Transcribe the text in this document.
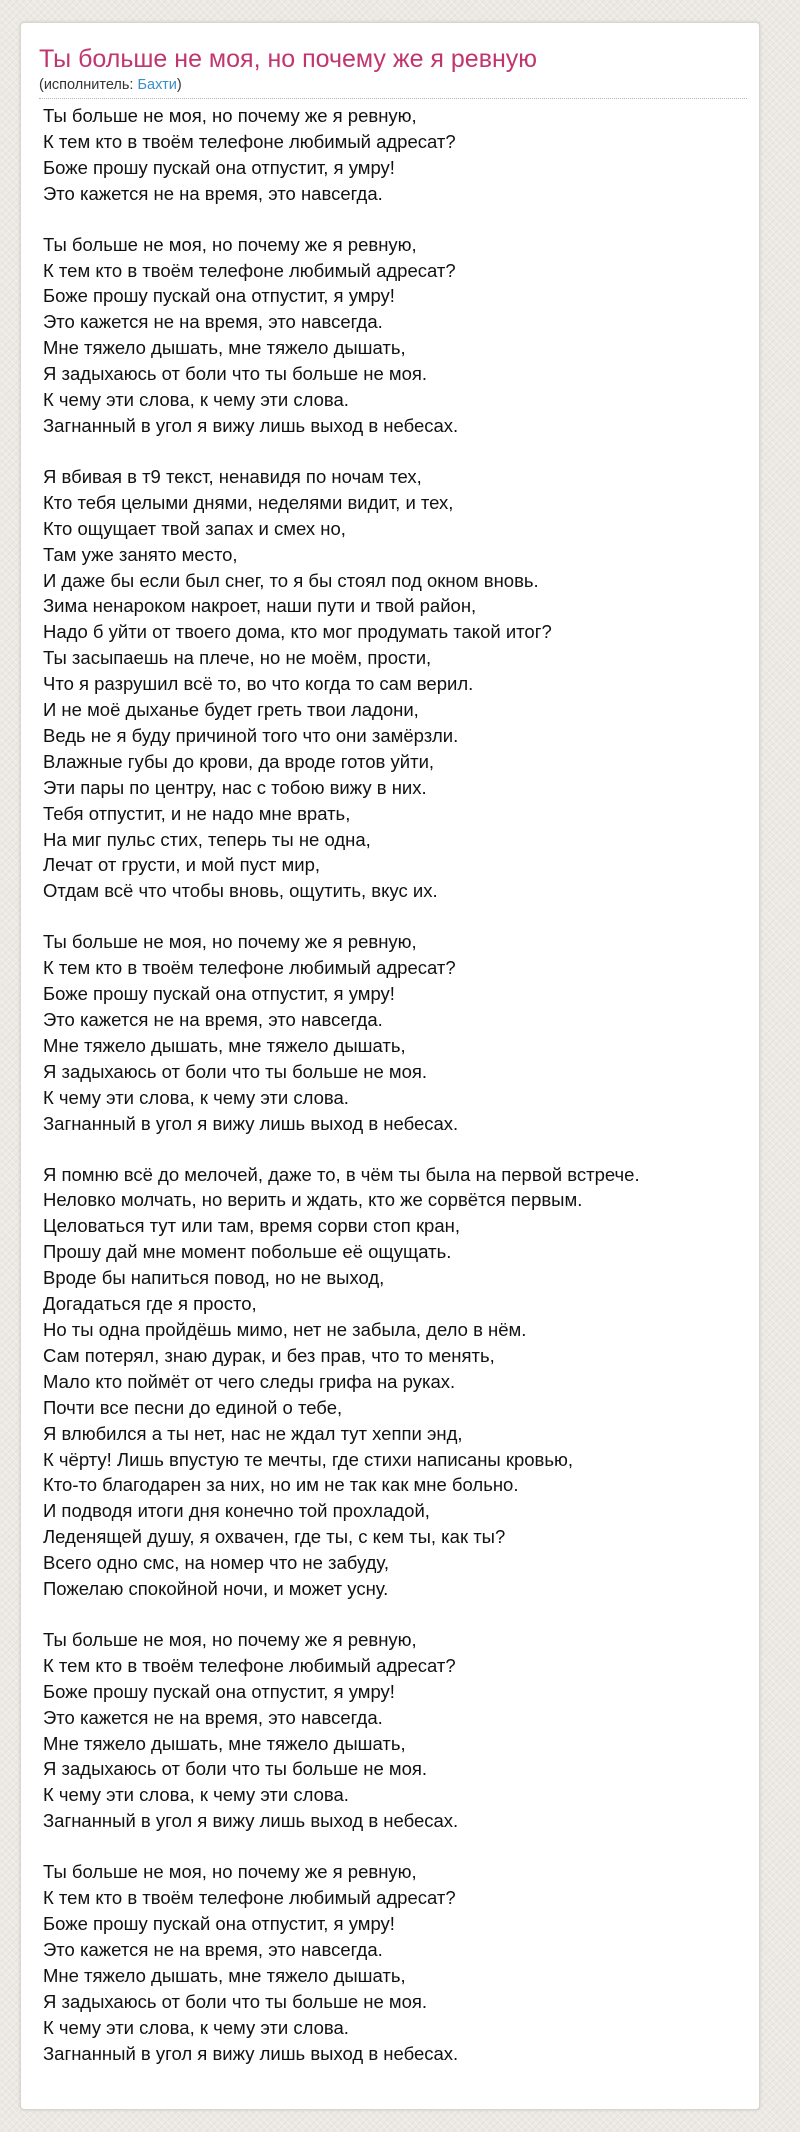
Ты больше не моя, но почему же я ревную
(исполнитель: Бахти)
Ты больше не моя, но почему же я ревную,
К тем кто в твоём телефоне любимый адресат?
Боже прошу пускай она отпустит, я умру!
Это кажется не на время, это навсегда.
Ты больше не моя, но почему же я ревную,
К тем кто в твоём телефоне любимый адресат?
Боже прошу пускай она отпустит, я умру!
Это кажется не на время, это навсегда.
Мне тяжело дышать, мне тяжело дышать,
Я задыхаюсь от боли что ты больше не моя.
К чему эти слова, к чему эти слова.
Загнанный в угол я вижу лишь выход в небесах.
Я вбивая в т9 текст, ненавидя по ночам тех,
Кто тебя целыми днями, неделями видит, и тех,
Кто ощущает твой запах и смех но,
Там уже занято место,
И даже бы если был снег, то я бы стоял под окном вновь.
Зима ненароком накроет, наши пути и твой район,
Надо б уйти от твоего дома, кто мог продумать такой итог?
Ты засыпаешь на плече, но не моём, прости,
Что я разрушил всё то, во что когда то сам верил.
И не моё дыханье будет греть твои ладони,
Ведь не я буду причиной того что они замёрзли.
Влажные губы до крови, да вроде готов уйти,
Эти пары по центру, нас с тобою вижу в них.
Тебя отпустит, и не надо мне врать,
На миг пульс стих, теперь ты не одна,
Лечат от грусти, и мой пуст мир,
Отдам всё что чтобы вновь, ощутить, вкус их.
Ты больше не моя, но почему же я ревную,
К тем кто в твоём телефоне любимый адресат?
Боже прошу пускай она отпустит, я умру!
Это кажется не на время, это навсегда.
Мне тяжело дышать, мне тяжело дышать,
Я задыхаюсь от боли что ты больше не моя.
К чему эти слова, к чему эти слова.
Загнанный в угол я вижу лишь выход в небесах.
Я помню всё до мелочей, даже то, в чём ты была на первой встрече.
Неловко молчать, но верить и ждать, кто же сорвётся первым.
Целоваться тут или там, время сорви стоп кран,
Прошу дай мне момент побольше её ощущать.
Вроде бы напиться повод, но не выход,
Догадаться где я просто,
Но ты одна пройдёшь мимо, нет не забыла, дело в нём.
Сам потерял, знаю дурак, и без прав, что то менять,
Мало кто поймёт от чего следы грифа на руках.
Почти все песни до единой о тебе,
Я влюбился а ты нет, нас не ждал тут хеппи энд,
К чёрту! Лишь впустую те мечты, где стихи написаны кровью,
Кто-то благодарен за них, но им не так как мне больно.
И подводя итоги дня конечно той прохладой,
Леденящей душу, я охвачен, где ты, с кем ты, как ты?
Всего одно смс, на номер что не забуду,
Пожелаю спокойной ночи, и может усну.
Ты больше не моя, но почему же я ревную,
К тем кто в твоём телефоне любимый адресат?
Боже прошу пускай она отпустит, я умру!
Это кажется не на время, это навсегда.
Мне тяжело дышать, мне тяжело дышать,
Я задыхаюсь от боли что ты больше не моя.
К чему эти слова, к чему эти слова.
Загнанный в угол я вижу лишь выход в небесах.
Ты больше не моя, но почему же я ревную,
К тем кто в твоём телефоне любимый адресат?
Боже прошу пускай она отпустит, я умру!
Это кажется не на время, это навсегда.
Мне тяжело дышать, мне тяжело дышать,
Я задыхаюсь от боли что ты больше не моя.
К чему эти слова, к чему эти слова.
Загнанный в угол я вижу лишь выход в небесах.
